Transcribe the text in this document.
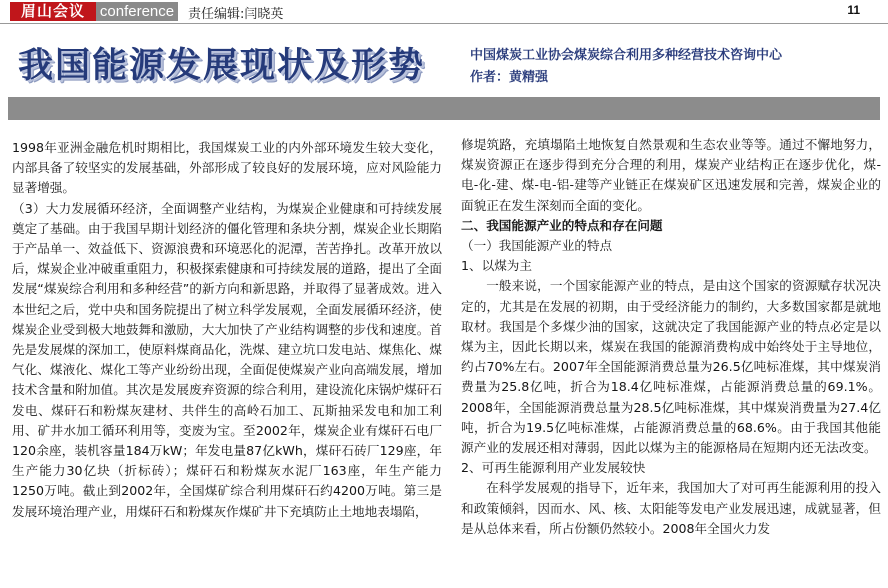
眉山会议 conference 责任编辑:闫晓英	11
我国能源发展现状及形势	中国煤炭工业协会煤炭综合利用多种经营技术咨询中心
作者：黄精强

1998年亚洲金融危机时期相比，我国煤炭工业的内外部环境发生较大变化，内部具备了较坚实的发展基础，外部形成了较良好的发展环境，应对风险能力显著增强。

（3）大力发展循环经济，全面调整产业结构，为煤炭企业健康和可持续发展奠定了基础。由于我国早期计划经济的僵化管理和条块分割，煤炭企业长期陷于产品单一、效益低下、资源浪费和环境恶化的泥潭，苦苦挣扎。改革开放以后，煤炭企业冲破重重阻力，积极探索健康和可持续发展的道路，提出了全面发展“煤炭综合利用和多种经营”的新方向和新思路，并取得了显著成效。进入本世纪之后，党中央和国务院提出了树立科学发展观，全面发展循环经济，使煤炭企业受到极大地鼓舞和激励，大大加快了产业结构调整的步伐和速度。首先是发展煤的深加工，使原料煤商品化，洗煤、建立坑口发电站、煤焦化、煤气化、煤液化、煤化工等产业纷纷出现，全面促使煤炭产业向高端发展，增加技术含量和附加值。其次是发展废弃资源的综合利用，建设流化床锅炉煤矸石发电、煤矸石和粉煤灰建材、共伴生的高岭石加工、瓦斯抽采发电和加工利用、矿井水加工循环利用等，变废为宝。至2002年，煤炭企业有煤矸石电厂120余座，装机容量184万kW；年发电量87亿kWh，煤矸石砖厂129座，年生产能力30亿块（折标砖）；煤矸石和粉煤灰水泥厂163座，年生产能力1250万吨。截止到2002年，全国煤矿综合利用煤矸石约4200万吨。第三是发展环境治理产业，用煤矸石和粉煤灰作煤矿井下充填防止土地地表塌陷，

修堤筑路，充填塌陷土地恢复自然景观和生态农业等等。通过不懈地努力，煤炭资源正在逐步得到充分合理的利用，煤炭产业结构正在逐步优化，煤-电-化-建、煤-电-铝-建等产业链正在煤炭矿区迅速发展和完善，煤炭企业的面貌正在发生深刻而全面的变化。

二、我国能源产业的特点和存在问题

（一）我国能源产业的特点

1、以煤为主

一般来说，一个国家能源产业的特点，是由这个国家的资源赋存状况决定的，尤其是在发展的初期，由于受经济能力的制约，大多数国家都是就地取材。我国是个多煤少油的国家，这就决定了我国能源产业的特点必定是以煤为主，因此长期以来，煤炭在我国的能源消费构成中始终处于主导地位，约占70%左右。2007年全国能源消费总量为26.5亿吨标准煤，其中煤炭消费量为25.8亿吨，折合为18.4亿吨标准煤，占能源消费总量的69.1%。2008年，全国能源消费总量为28.5亿吨标准煤，其中煤炭消费量为27.4亿吨，折合为19.5亿吨标准煤，占能源消费总量的68.6%。由于我国其他能源产业的发展还相对薄弱，因此以煤为主的能源格局在短期内还无法改变。

2、可再生能源利用产业发展较快

在科学发展观的指导下，近年来，我国加大了对可再生能源利用的投入和政策倾斜，因而水、风、核、太阳能等发电产业发展迅速，成就显著，但是从总体来看，所占份额仍然较小。2008年全国火力发
